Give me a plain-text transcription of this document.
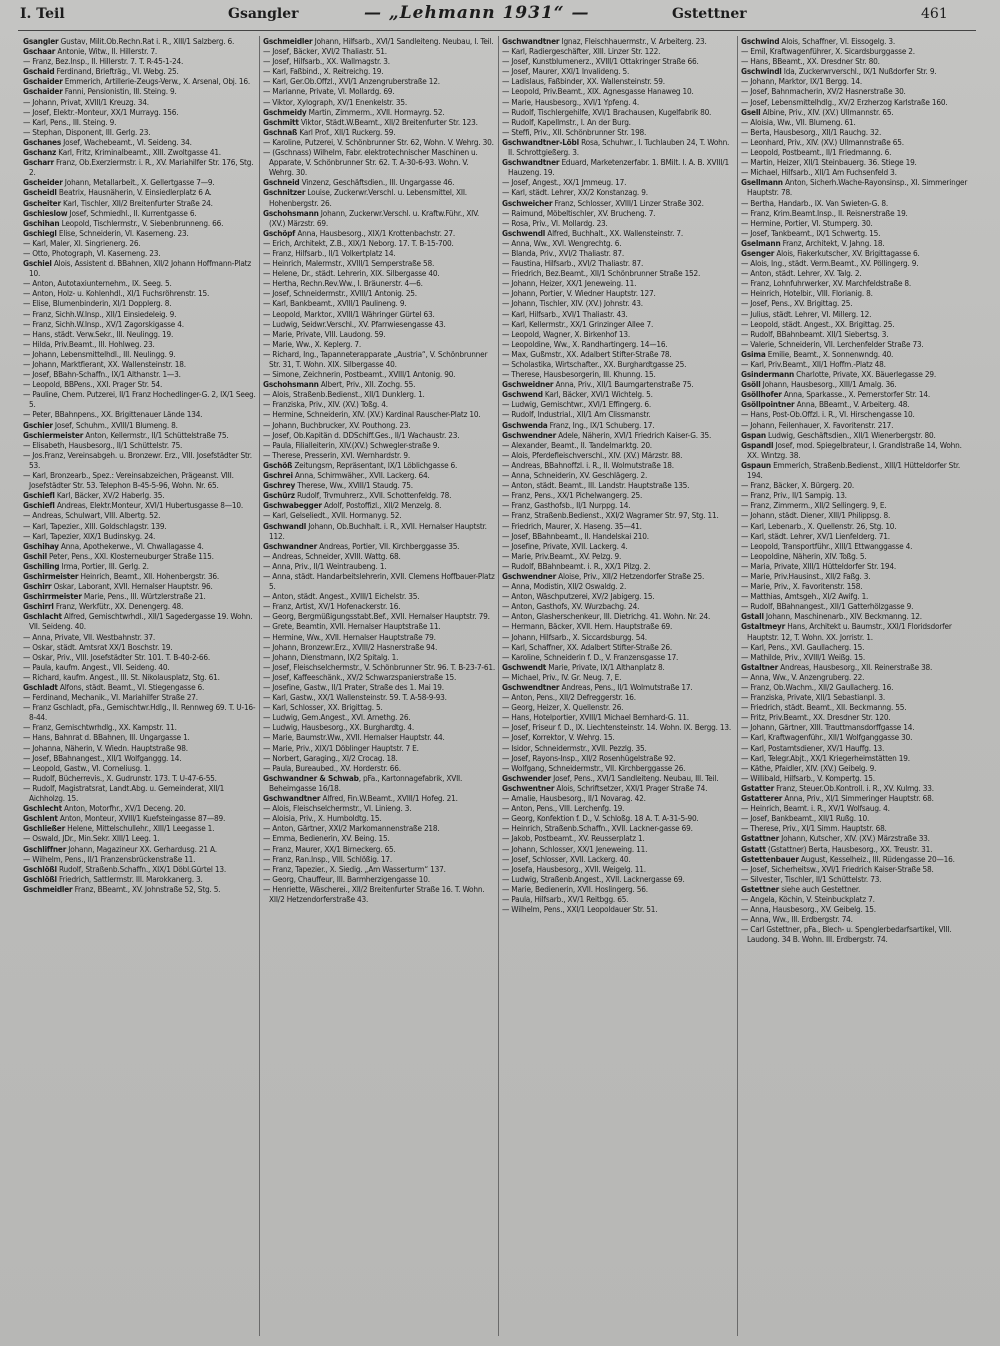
I. Teil	Gsangler	— „Lehmann 1931“ —	Gstettner	461

Gsangler Gustav, Milit.Ob.Rechn.Rat i. R., XIII/1 Salzberg. 6.

Gschaar Antonie, Witw., II. Hillerstr. 7.

— Franz, Bez.Insp., II. Hillerstr. 7. T. R-45-1-24.

Gschaid Ferdinand, Briefträg., VI. Webg. 25.

Gschaider Emmerich, Artillerie-Zeugs-Verw., X. Arsenal, Obj. 16.

Gschaider Fanni, Pensionistin, III. Steing. 9.

— Johann, Privat, XVIII/1 Kreuzg. 34.

— Josef, Elektr.-Monteur, XX/1 Murrayg. 156.

— Karl, Pens., III. Steing. 9.

— Stephan, Disponent, III. Gerlg. 23.

Gschanes Josef, Wachebeamt., VI. Seideng. 34.

Gschanz Karl, Fritz, Kriminalbeamt., XIII. Zwoltgasse 41.

Gscharr Franz, Ob.Exerziermstr. i. R., XV. Mariahilfer Str. 176, Stg. 2.

Gscheider Johann, Metallarbeit., X. Gellertgasse 7—9.

Gscheidl Beatrix, Hausnäherin, V. Einsiedlerplatz 6 A.

Gscheiter Karl, Tischler, XII/2 Breitenfurter Straße 24.

Gschieslow Josef, Schmiedhl., II. Kurrentgasse 6.

Gschihan Leopold, Tischlermstr., V. Siebenbrunneng. 66.

Gschiegl Elise, Schneiderin, VI. Kaserneng. 23.

— Karl, Maler, XI. Singrienerg. 26.

— Otto, Photograph, VI. Kaserneng. 23.

Gschiel Alois, Assistent d. BBahnen, XII/2 Johann Hoffmann-Platz 10.

— Anton, Autotaxiunternehm., IX. Seeg. 5.

— Anton, Holz- u. Kohlenhdl., XI/1 Fuchsröhrenstr. 15.

— Elise, Blumenbinderin, XI/1 Dopplerg. 8.

— Franz, Sichh.W.Insp., XII/1 Einsiedeleig. 9.

— Franz, Sichh.W.Insp., XV/1 Zagorskigasse 4.

— Hans, städt. Verw.Sekr., III. Neulingg. 19.

— Hilda, Priv.Beamt., III. Hohlweg. 23.

— Johann, Lebensmittelhdl., III. Neulingg. 9.

— Johann, Marktfierant, XX. Wallensteinstr. 18.

— Josef, BBahn-Schaffn., IX/1 Althanstr. 1—3.

— Leopold, BBPens., XXI. Prager Str. 54.

— Pauline, Chem. Putzerei, II/1 Franz Hochedlinger-G. 2, IX/1 Seeg. 5.

— Peter, BBahnpens., XX. Brigittenauer Lände 134.

Gschier Josef, Schuhm., XVIII/1 Blumeng. 8.

Gschiermeister Anton, Kellermstr., II/1 Schüttelstraße 75.

— Elisabeth, Hausbesorg., II/1 Schüttelstr. 75.

— Jos.Franz, Vereinsabgeh. u. Bronzewr. Erz., VIII. Josefstädter Str. 53.

— Karl, Bronzearb., Spez.: Vereinsabzeichen, Prägeanst. VIII. Josefstädter Str. 53. Telephon B-45-5-96, Wohn. Nr. 65.

Gschiefl Karl, Bäcker, XV/2 Haberlg. 35.

Gschiefl Andreas, Elektr.Monteur, XVI/1 Hubertusgasse 8—10.

— Andreas, Schulwart, VIII. Albertg. 52.

— Karl, Tapezier., XIII. Goldschlagstr. 139.

— Karl, Tapezier, XIX/1 Budinskyg. 24.

Gschihay Anna, Apothekerwe., VI. Chwallagasse 4.

Gschil Peter, Pens., XXI. Klosterneuburger Straße 115.

Gschiling Irma, Portier, III. Gerlg. 2.

Gschirmeister Heinrich, Beamt., XII. Hohenbergstr. 36.

Gschirr Oskar, Laborant, XVII. Hernalser Hauptstr. 96.

Gschirrmeister Marie, Pens., III. Würtzlerstraße 21.

Gschirrl Franz, Werkfütr., XX. Denengerg. 48.

Gschlacht Alfred, Gemischtwrhdl., XII/1 Sagedergasse 19. Wohn. VII. Seideng. 40.

— Anna, Private, VII. Westbahnstr. 37.

— Oskar, städt. Amtsrat XX/1 Boschstr. 19.

— Oskar, Priv., VIII. Josefstädter Str. 101. T. B-40-2-66.

— Paula, kaufm. Angest., VII. Seideng. 40.

— Richard, kaufm. Angest., III. St. Nikolausplatz, Stg. 61.

Gschladt Alfons, städt. Beamt., VI. Stiegengasse 6.

— Ferdinand, Mechanik., VI. Mariahilfer Straße 27.

— Franz Gschladt, pFa., Gemischtwr.Hdlg., II. Rennweg 69. T. U-16-8-44.

— Franz, Gemischtwrhdlg., XX. Kampstr. 11.

— Hans, Bahnrat d. BBahnen, III. Ungargasse 1.

— Johanna, Näherin, V. Wiedn. Hauptstraße 98.

— Josef, BBahnangest., XII/1 Wolfganggg. 14.

— Leopold, Gastw., VI. Corneliusg. 1.

— Rudolf, Bücherrevis., X. Gudrunstr. 173. T. U-47-6-55.

— Rudolf, Magistratsrat, Landt.Abg. u. Gemeinderat, XII/1 Aichholzg. 15.

Gschlecht Anton, Motorfhr., XV/1 Deceng. 20.

Gschlent Anton, Monteur, XVIII/1 Kuefsteingasse 87—89.

Gschließer Helene, Mittelschullehr., XIII/1 Leegasse 1.

— Oswald, JDr., Min.Sekr. XIII/1 Leeg. 1.

Gschliffner Johann, Magazineur XX. Gerhardusg. 21 A.

— Wilhelm, Pens., II/1 Franzensbrückenstraße 11.

Gschlößl Rudolf, Straßenb.Schaffn., XIX/1 Döbl.Gürtel 13.

Gschlößl Friedrich, Sattlermstr. III. Marokkanerg. 3.

Gschmeidler Franz, BBeamt., XV. Johnstraße 52, Stg. 5.

Gschmeidler Johann, Hilfsarb., XVI/1 Sandleiteng. Neubau, I. Teil.

— Josef, Bäcker, XVI/2 Thaliastr. 51.

— Josef, Hilfsarb., XX. Wallmagstr. 3.

— Karl, Faßbind., X. Reitreichg. 19.

— Karl, Ger.Ob.Offzl., XVI/1 Anzengruberstraße 12.

— Marianne, Private, VI. Mollardg. 69.

— Viktor, Xylograph, XV/1 Enenkelstr. 35.

Gschmeidy Martin, Zimmerm., XVII. Hormayrg. 52.

Gschmitt Viktor, Städt.W.Beamt., XII/2 Breitenfurter Str. 123.

Gschnaß Karl Prof., XII/1 Ruckerg. 59.

— Karoline, Putzerei, V. Schönbrunner Str. 62, Wohn. V. Wehrg. 30.

— (Gschnass) Wilhelm, Fabr. elektrotechnischer Maschinen u. Apparate, V. Schönbrunner Str. 62. T. A-30-6-93. Wohn. V. Wehrg. 30.

Gschneid Vinzenz, Geschäftsdien., III. Ungargasse 46.

Gschnitzer Louise, Zuckerwr.Verschl. u. Lebensmittel, XII. Hohenbergstr. 26.

Gschohsmann Johann, Zuckerwr.Verschl. u. Kraftw.Führ., XIV. (XV.) Märzstr. 69.

Gschöpf Anna, Hausbesorg., XIX/1 Krottenbachstr. 27.

— Erich, Architekt, Z.B., XIX/1 Neborg. 17. T. B-15-700.

— Franz, Hilfsarb., II/1 Volkertplatz 14.

— Heinrich, Malermstr., XVIII/1 Semperstraße 58.

— Helene, Dr., städt. Lehrerin, XIX. Silbergasse 40.

— Hertha, Rechn.Rev.Ww., I. Bräunerstr. 4—6.

— Josef, Schneidermstr., XVIII/1 Antonig. 25.

— Karl, Bankbeamt., XVIII/1 Paulineng. 9.

— Leopold, Marktor., XVIII/1 Währinger Gürtel 63.

— Ludwig, Seidwr.Verschl., XV. Pfarrwiesengasse 43.

— Marie, Private, VIII. Laudong. 59.

— Marie, Ww., X. Keplerg. 7.

— Richard, Ing., Tapanneterapparate „Austria“, V. Schönbrunner Str. 31, T. Wohn. XIX. Silbergasse 40.

— Simone, Zeichnerin, Postbeamt., XVIII/1 Antonig. 90.

Gschohsmann Albert, Priv., XII. Zochg. 55.

— Alois, Straßenb.Bedienst., XII/1 Dunklerg. 1.

— Franziska, Priv., XIV. (XV.) Toßg. 4.

— Hermine, Schneiderin, XIV. (XV.) Kardinal Rauscher-Platz 10.

— Johann, Buchbrucker, XV. Pouthong. 23.

— Josef, Ob.Kapitän d. DDSchiff.Ges., II/1 Wachaustr. 23.

— Paula, Filialleiterin, XIV.(XV.) Schwegler-straße 9.

— Therese, Presserin, XVI. Wernhardstr. 9.

Gschöß Zeitungsm, Repräsentant, IX/1 Löblichgasse 6.

Gschrei Anna, Schirmwäher., XVII. Lackerg. 64.

Gschrey Therese, Ww., XVIII/1 Staudg. 75.

Gschürz Rudolf, Trvmuhrerz., XVII. Schottenfeldg. 78.

Gschwabegger Adolf, Postoffizl., XII/2 Menzelg. 8.

— Karl, Gelseliedt., XVII. Hormanyg. 52.

Gschwandl Johann, Ob.Buchhalt. i. R., XVII. Hernalser Hauptstr. 112.

Gschwandner Andreas, Portier, VII. Kirchberggasse 35.

— Andreas, Schneider, XVIII. Wattg. 68.

— Anna, Priv., II/1 Weintraubeng. 1.

— Anna, städt. Handarbeitslehrerin, XVII. Clemens Hoffbauer-Platz 5.

— Anton, städt. Angest., XVIII/1 Eichelstr. 35.

— Franz, Artist, XV/1 Hofenackerstr. 16.

— Georg, Bergmüßigungsstabt.Bef., XVII. Hernalser Hauptstr. 79.

— Grete, Beamtin, XVII. Hernalser Hauptstraße 11.

— Hermine, Ww., XVII. Hernalser Hauptstraße 79.

— Johann, Bronzewr.Erz., XVIII/2 Hasnerstraße 94.

— Johann, Dienstmann, IX/2 Spitalg. 1.

— Josef, Fleischselchermstr., V. Schönbrunner Str. 96. T. B-23-7-61.

— Josef, Kaffeeschänk., XV/2 Schwarzspanierstraße 15.

— Josefine, Gastw., II/1 Prater, Straße des 1. Mai 19.

— Karl, Gastw., XX/1 Wallensteinstr. 59. T. A-58-9-93.

— Karl, Schlosser, XX. Brigittag. 5.

— Ludwig, Gem.Angest., XVI. Arnethg. 26.

— Ludwig, Hausbesorg., XX. Burghardtg. 4.

— Marie, Baumstr.Ww., XVII. Hernalser Hauptstr. 44.

— Marie, Priv., XIX/1 Döblinger Hauptstr. 7 E.

— Norbert, Garaging., XI/2 Crocag. 18.

— Paula, Bureaubed., XV. Horderstr. 66.

Gschwandner & Schwab, pFa., Kartonnagefabrik, XVII. Beheimgasse 16/18.

Gschwandtner Alfred, Fin.W.Beamt., XVIII/1 Hofeg. 21.

— Alois, Fleischselchermstr., VI. Linieng. 3.

— Aloisia, Priv., X. Humboldtg. 15.

— Anton, Gärtner, XXI/2 Markomannenstraße 218.

— Emma, Bedienerin, XV. Being. 15.

— Franz, Maurer, XX/1 Birneckerg. 65.

— Franz, Ran.Insp., VIII. Schlößig. 17.

— Franz, Tapezier., X. Siedig. „Am Wasserturm“ 137.

— Georg, Chauffeur, III. Barmherzigengasse 10.

— Henriette, Wäscherei., XII/2 Breitenfurter Straße 16. T. Wohn. XII/2 Hetzendorferstraße 43.

Gschwandtner Ignaz, Fleischhauermstr., V. Arbeiterg. 23.

— Karl, Radiergeschäfter, XIII. Linzer Str. 122.

— Josef, Kunstblumenerz., XVIII/1 Ottakringer Straße 66.

— Josef, Maurer, XXI/1 Invalideng. 5.

— Ladislaus, Faßbinder, XX. Wallensteinstr. 59.

— Leopold, Priv.Beamt., XIX. Agnesgasse Hanaweg 10.

— Marie, Hausbesorg., XVI/1 Ypfeng. 4.

— Rudolf, Tischlergehilfe, XVI/1 Brachausen, Kugelfabrik 80.

— Rudolf, Kapellmstr., I. An der Burg.

— Steffi, Priv., XII. Schönbrunner Str. 198.

Gschwandtner-Löbl Rosa, Schuhwr., I. Tuchlauben 24, T. Wohn. II. Schrottgießerg. 3.

Gschwandtner Eduard, Marketenzerfabr. 1. BMilt. I. A. B. XVIII/1 Hauzeng. 19.

— Josef, Angest., XX/1 Jmmeug. 17.

— Karl, städt. Lehrer, XX/2 Konstanzag. 9.

Gschweicher Franz, Schlosser, XVIII/1 Linzer Straße 302.

— Raimund, Möbeltischler, XV. Brucheng. 7.

— Rosa, Priv., VI. Mollardg. 23.

Gschwendl Alfred, Buchhalt., XX. Wallensteinstr. 7.

— Anna, Ww., XVI. Wengrechtg. 6.

— Blanda, Priv., XVI/2 Thaliastr. 87.

— Faustina, Hilfsarb., XVI/2 Thaliastr. 87.

— Friedrich, Bez.Beamt., XII/1 Schönbrunner Straße 152.

— Johann, Heizer, XX/1 Jeneweing. 11.

— Johann, Portier, V. Wiedner Hauptstr. 127.

— Johann, Tischler, XIV. (XV.) Johnstr. 43.

— Karl, Hilfsarb., XVI/1 Thaliastr. 43.

— Karl, Kellermstr., XX/1 Grinzinger Allee 7.

— Leopold, Wagner, X. Birkenhof 13.

— Leopoldine, Ww., X. Randhartingerg. 14—16.

— Max, Gußmstr., XX. Adalbert Stifter-Straße 78.

— Scholastika, Wirtschafter., XX. Burghardtgasse 25.

— Therese, Hausbesorgerin, III. Khunng. 15.

Gschweidner Anna, Priv., XII/1 Baumgartenstraße 75.

Gschwend Karl, Bäcker, XVI/1 Wichtelg. 5.

— Ludwig, Gemischtwr., XVI/1 Effingerg. 6.

— Rudolf, Industrial., XII/1 Am Clissmanstr.

Gschwenda Franz, Ing., IX/1 Schuberg. 17.

Gschwendner Adele, Näherin, XVI/1 Friedrich Kaiser-G. 35.

— Alexander, Beamt., II. Tandelmarktg. 20.

— Alois, Pferdefleischverschl., XIV. (XV.) Märzstr. 88.

— Andreas, BBahnoffzl. i. R., II. Wolmutstraße 18.

— Anna, Schneiderin, XV. Geschlägerg. 2.

— Anton, städt. Beamt., III. Landstr. Hauptstraße 135.

— Franz, Pens., XX/1 Pichelwangerg. 25.

— Franz, Gasthofsb., II/1 Nurppg. 14.

— Franz, Straßenb.Bedienst., XXI/2 Wagramer Str. 97, Stg. 11.

— Friedrich, Maurer, X. Haseng. 35—41.

— Josef, BBahnbeamt., II. Handelskai 210.

— Josefine, Private, XVII. Lackerg. 4.

— Marie, Priv.Beamt., XV. Pelzg. 9.

— Rudolf, BBahnbeamt. i. R., XX/1 Pilzg. 2.

Gschwendner Aloise, Priv., XII/2 Hetzendorfer Straße 25.

— Anna, Modistin, XII/2 Oswaldg. 2.

— Anton, Wäschputzerei, XV/2 Jabigerg. 15.

— Anton, Gasthofs, XV. Wurzbachg. 24.

— Anton, Glasherschenkeur, III. Dietrichg. 41. Wohn. Nr. 24.

— Hermann, Bäcker, XVII. Hern. Hauptstraße 69.

— Johann, Hilfsarb., X. Siccardsburgg. 54.

— Karl, Schaffner, XX. Adalbert Stifter-Straße 26.

— Karoline, Schneiderin f. D., V. Franzensgasse 17.

Gschwendt Marie, Private, IX/1 Althanplatz 8.

— Michael, Priv., IV. Gr. Neug. 7, E.

Gschwendtner Andreas, Pens., II/1 Wolmutstraße 17.

— Anton, Pens., XII/2 Defreggerstr. 16.

— Georg, Heizer, X. Quellenstr. 26.

— Hans, Hotelportier, XVIII/1 Michael Bernhard-G. 11.

— Josef, Friseur f. D., IX. Liechtensteinstr. 14. Wohn. IX. Bergg. 13.

— Josef, Korrektor, V. Wehrg. 15.

— Isidor, Schneidermstr., XVII. Pezzlg. 35.

— Josef, Rayons-Insp., XII/2 Rosenhügelstraße 92.

— Wolfgang, Schneidermstr., VII. Kirchberggasse 26.

Gschwender Josef, Pens., XVI/1 Sandleiteng. Neubau, III. Teil.

Gschwentner Alois, Schriftsetzer, XXI/1 Prager Straße 74.

— Amalie, Hausbesorg., II/1 Novarag. 42.

— Anton, Pens., VIII. Lerchenfg. 19.

— Georg, Konfektion f. D., V. Schloßg. 18 A. T. A-31-5-90.

— Heinrich, Straßenb.Schaffn., XVII. Lackner-gasse 69.

— Jakob, Postbeamt., XV. Reusserplatz 1.

— Johann, Schlosser, XX/1 Jeneweing. 11.

— Josef, Schlosser, XVII. Lackerg. 40.

— Josefa, Hausbesorg., XVII. Weigelg. 11.

— Ludwig, Straßenb.Angest., XVII. Lacknergasse 69.

— Marie, Bedienerin, XVII. Hoslingerg. 56.

— Paula, Hilfsarb., XV/1 Reitbgg. 65.

— Wilhelm, Pens., XXI/1 Leopoldauer Str. 51.

Gschwind Alois, Schaffner, VI. Eissogelg. 3.

— Emil, Kraftwagenführer, X. Sicardsburggasse 2.

— Hans, BBeamt., XX. Dresdner Str. 80.

Gschwindl Ida, Zuckerwrverschl., IX/1 Nußdorfer Str. 9.

— Johann, Marktor, IX/1 Bergg. 14.

— Josef, Bahnmacherin, XV/2 Hasnerstraße 30.

— Josef, Lebensmittelhdlg., XV/2 Erzherzog Karlstraße 160.

Gsell Albine, Priv., XIV. (XV.) Ullmannstr. 65.

— Aloisia, Ww., VII. Blumeng. 61.

— Berta, Hausbesorg., XII/1 Rauchg. 32.

— Leonhard, Priv., XIV. (XV.) Ullmannstraße 65.

— Leopold, Postbeamt., II/1 Friedmanng. 6.

— Martin, Heizer, XII/1 Steinbauerg. 36. Stiege 19.

— Michael, Hilfsarb., XII/1 Am Fuchsenfeld 3.

Gsellmann Anton, Sicherh.Wache-Rayonsinsp., XI. Simmeringer Hauptstr. 78.

— Bertha, Handarb., IX. Van Swieten-G. 8.

— Franz, Krim.Beamt.Insp., II. Reisnerstraße 19.

— Hermine, Portier, VI. Stumperg. 30.

— Josef, Tankbeamt., IX/1 Schwertg. 15.

Gselmann Franz, Architekt, V. Jahng. 18.

Gsenger Alois, Fiakerkutscher, XV. Brigittagasse 6.

— Alois, Ing., städt. Verm.Beamt., XV. Pöllingerg. 9.

— Anton, städt. Lehrer, XV. Talg. 2.

— Franz, Lohnfuhrwerker, XV. Marchfeldstraße 8.

— Heinrich, Hotelbir., VIII. Florianig. 8.

— Josef, Pens., XV. Brigittag. 25.

— Julius, städt. Lehrer, VI. Millerg. 12.

— Leopold, städt. Angest., XX. Brigittag. 25.

— Rudolf, BBahnbeamt. XII/1 Siebertsg. 3.

— Valerie, Schneiderin, VII. Lerchenfelder Straße 73.

Gsima Emilie, Beamt., X. Sonnenwndg. 40.

— Karl, Priv.Beamt., XII/1 Hoffm.-Platz 48.

Gsindermann Charlotte, Private, XX. Bäuerlegasse 29.

Gsöll Johann, Hausbesorg., XIII/1 Amalg. 36.

Gsöllhofer Anna, Sparkasse., X. Pernerstorfer Str. 14.

Gsöllpointner Anna, BBeamt., V. Arbeiterg. 48.

— Hans, Post-Ob.Offzl. i. R., VI. Hirschengasse 10.

— Johann, Feilenhauer, X. Favoritenstr. 217.

Gspan Ludwig, Geschäftsdien., XII/1 Wienerbergstr. 80.

Gspandl Josef, mod. Spiegelbrateur, I. Grandlstraße 14, Wohn. XX. Wintzg. 38.

Gspaun Emmerich, Straßenb.Bedienst., XIII/1 Hütteldorfer Str. 194.

— Franz, Bäcker, X. Bürgerg. 20.

— Franz, Priv., II/1 Sampig. 13.

— Franz, Zimmerm., XII/2 Sellingerg. 9, E.

— Johann, städt. Diener, XIII/1 Philippsg. 8.

— Karl, Lebenarb., X. Quellenstr. 26, Stg. 10.

— Karl, städt. Lehrer, XV/1 Lienfelderg. 71.

— Leopold, Transportführ., XIII/1 Ettwanggasse 4.

— Leopoldine, Näherin, XIV. Toßg. 5.

— Maria, Private, XIII/1 Hütteldorfer Str. 194.

— Marie, Priv.Hausinst., XII/2 Faßg. 3.

— Marie, Priv., X. Favoritenstr. 158.

— Matthias, Amtsgeh., XI/2 Awifg. 1.

— Rudolf, BBahnangest., XII/1 Gatterhölzgasse 9.

Gstall Johann, Maschinenarb., XIV. Beckmanng. 12.

Gstaltmeyr Hans, Architekt u. Baumstr., XXI/1 Floridsdorfer Hauptstr. 12, T. Wohn. XX. Jorristr. 1.

— Karl, Pens., XVI. Gaullacherg. 15.

— Mathilde, Priv., XVIII/1 Weißg. 15.

Gstaltner Andreas, Hausbesorg., XII. Reinerstraße 38.

— Anna, Ww., V. Anzengruberg. 22.

— Franz, Ob.Wachm., XII/2 Gaullacherg. 16.

— Franziska, Private, XII/1 Sebastianpl. 3.

— Friedrich, städt. Beamt., XII. Beckmanng. 55.

— Fritz, Priv.Beamt., XX. Dresdner Str. 120.

— Johann, Gärtner, XIII. Trauttmansdorffgasse 14.

— Karl, Kraftwagenführ., XII/1 Wolfganggasse 30.

— Karl, Postamtsdiener, XV/1 Hauffg. 13.

— Karl, Telegr.Abjt., XX/1 Kriegerheimstätten 19.

— Käthe, Pfaidler, XIV. (XV.) Geibelg. 9.

— Willibald, Hilfsarb., V. Kompertg. 15.

Gstatter Franz, Steuer.Ob.Kontroll. i. R., XV. Kulmg. 33.

Gstatterer Anna, Priv., XI/1 Simmeringer Hauptstr. 68.

— Heinrich, Beamt. i. R., XV/1 Wolfsaug. 4.

— Josef, Bankbeamt., XII/1 Rußg. 10.

— Therese, Priv., XI/1 Simm. Hauptstr. 68.

Gstattner Johann, Kutscher, XIV. (XV.) Märzstraße 33.

Gstatt (Gstattner) Berta, Hausbesorg., XX. Treustr. 31.

Gstettenbauer August, Kesselheiz., III. Rüdengasse 20—16.

— Josef, Sicherheitsw., XVI/1 Friedrich Kaiser-Straße 58.

— Silvester, Tischler, II/1 Schüttelstr. 73.

Gstettner siehe auch Gestettner.

— Angela, Köchin, V. Steinbuckplatz 7.

— Anna, Hausbesorg., XV. Geibelg. 15.

— Anna, Ww., III. Erdbergstr. 74.

— Carl Gstettner, pFa., Blech- u. Spenglerbedarfsartikel, VIII. Laudong. 34 B. Wohn. III. Erdbergstr. 74.
